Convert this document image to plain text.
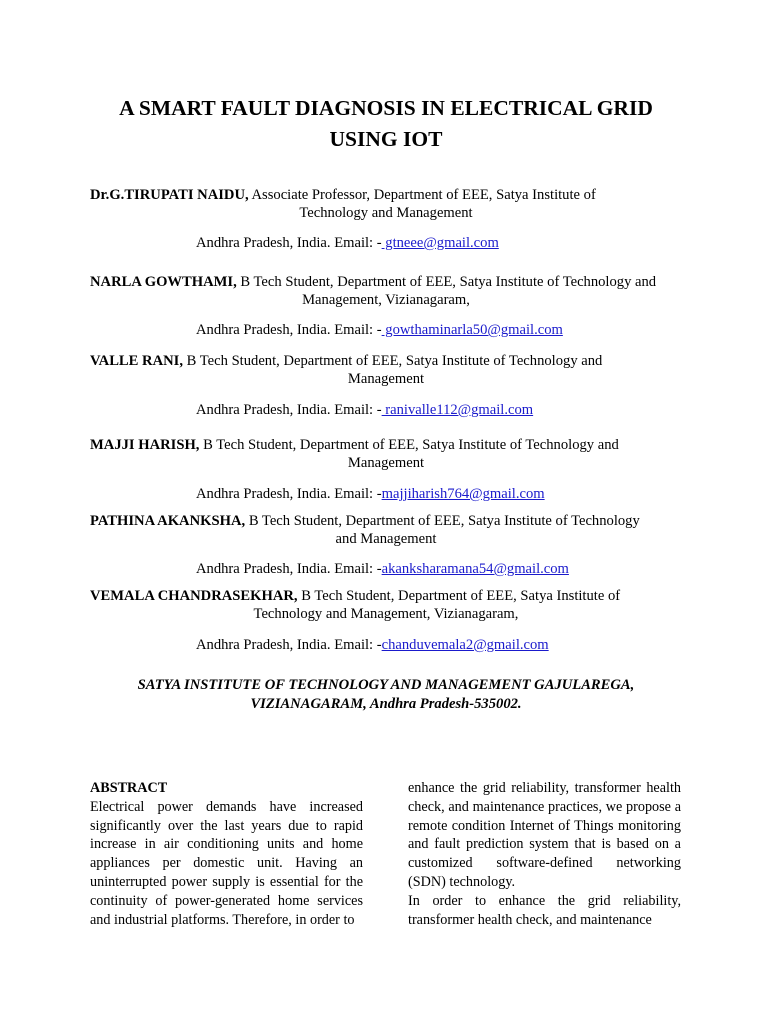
A SMART FAULT DIAGNOSIS IN ELECTRICAL GRID USING IOT
Dr.G.TIRUPATI NAIDU, Associate Professor, Department of EEE, Satya Institute of
Technology and Management
Andhra Pradesh, India. Email: - gtneee@gmail.com
NARLA GOWTHAMI, B Tech Student, Department of EEE, Satya Institute of Technology and
Management, Vizianagaram,
Andhra Pradesh, India. Email: - gowthaminarla50@gmail.com
VALLE RANI, B Tech Student, Department of EEE, Satya Institute of Technology and
Management
Andhra Pradesh, India. Email: - ranivalle112@gmail.com
MAJJI HARISH, B Tech Student, Department of EEE, Satya Institute of Technology and
Management
Andhra Pradesh, India. Email: -majjiharish764@gmail.com
PATHINA AKANKSHA, B Tech Student, Department of EEE, Satya Institute of Technology
and Management
Andhra Pradesh, India. Email: -akanksharamana54@gmail.com
VEMALA CHANDRASEKHAR, B Tech Student, Department of EEE, Satya Institute of
Technology and Management, Vizianagaram,
Andhra Pradesh, India. Email: -chanduvemala2@gmail.com
SATYA INSTITUTE OF TECHNOLOGY AND MANAGEMENT GAJULAREGA,
VIZIANAGARAM, Andhra Pradesh-535002.

ABSTRACT

Electrical power demands have increased significantly over the last years due to rapid increase in air conditioning units and home appliances per domestic unit. Having an uninterrupted power supply is essential for the continuity of power-generated home services and industrial platforms. Therefore, in order to

enhance the grid reliability, transformer health check, and maintenance practices, we propose a remote condition Internet of Things monitoring and fault prediction system that is based on a customized software-defined networking (SDN) technology.

In order to enhance the grid reliability, transformer health check, and maintenance
